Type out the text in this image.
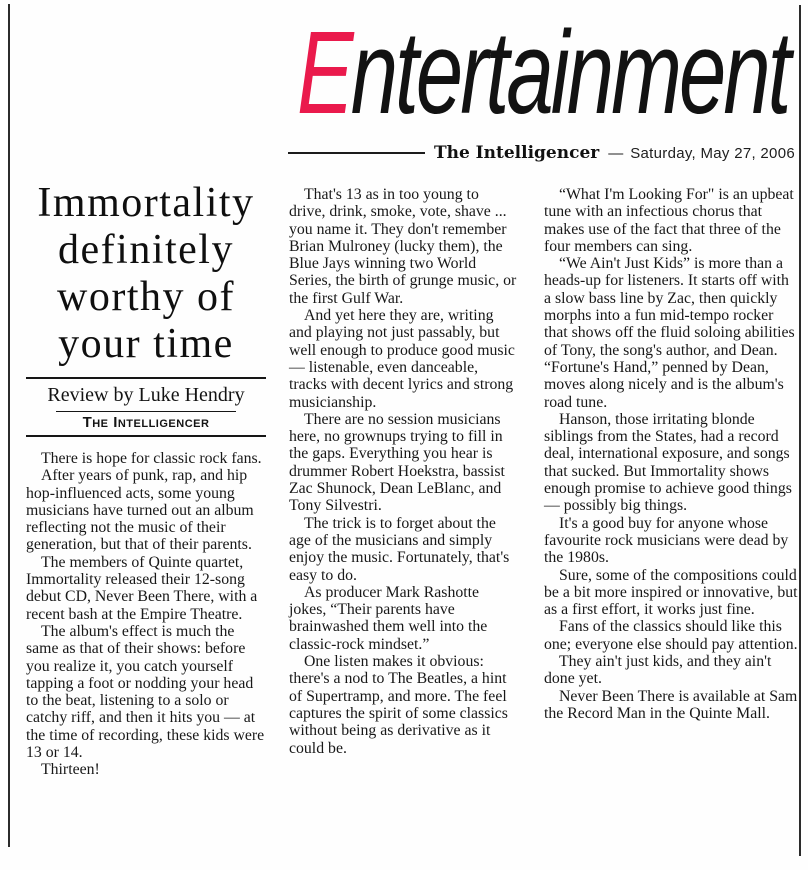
Entertainment
The Intelligencer — Saturday, May 27, 2006
Immortality
definitely
worthy of
your time
Review by Luke Hendry
The Intelligencer

There is hope for classic rock fans.

After years of punk, rap, and hip hop-influenced acts, some young musicians have turned out an album reflecting not the music of their generation, but that of their parents.

The members of Quinte quartet, Immortality released their 12-song debut CD, Never Been There, with a recent bash at the Empire Theatre.

The album's effect is much the same as that of their shows: before you realize it, you catch yourself tapping a foot or nodding your head to the beat, listening to a solo or catchy riff, and then it hits you — at the time of recording, these kids were 13 or 14.

Thirteen!

That's 13 as in too young to drive, drink, smoke, vote, shave ... you name it. They don't remember Brian Mulroney (lucky them), the Blue Jays winning two World Series, the birth of grunge music, or the first Gulf War.

And yet here they are, writing and playing not just passably, but well enough to produce good music — listenable, even danceable, tracks with decent lyrics and strong musicianship.

There are no session musicians here, no grownups trying to fill in the gaps. Everything you hear is drummer Robert Hoekstra, bassist Zac Shunock, Dean LeBlanc, and Tony Silvestri.

The trick is to forget about the age of the musicians and simply enjoy the music. Fortunately, that's easy to do.

As producer Mark Rashotte jokes, “Their parents have brainwashed them well into the classic-rock mindset.”

One listen makes it obvious: there's a nod to The Beatles, a hint of Supertramp, and more. The feel captures the spirit of some classics without being as derivative as it could be.

“What I'm Looking For" is an upbeat tune with an infectious chorus that makes use of the fact that three of the four members can sing.

“We Ain't Just Kids” is more than a heads-up for listeners. It starts off with a slow bass line by Zac, then quickly morphs into a fun mid-tempo rocker that shows off the fluid soloing abilities of Tony, the song's author, and Dean. “Fortune's Hand,” penned by Dean, moves along nicely and is the album's road tune.

Hanson, those irritating blonde siblings from the States, had a record deal, international exposure, and songs that sucked. But Immortality shows enough promise to achieve good things — possibly big things.

It's a good buy for anyone whose favourite rock musicians were dead by the 1980s.

Sure, some of the compositions could be a bit more inspired or innovative, but as a first effort, it works just fine.

Fans of the classics should like this one; everyone else should pay attention.

They ain't just kids, and they ain't done yet.

Never Been There is available at Sam the Record Man in the Quinte Mall.
